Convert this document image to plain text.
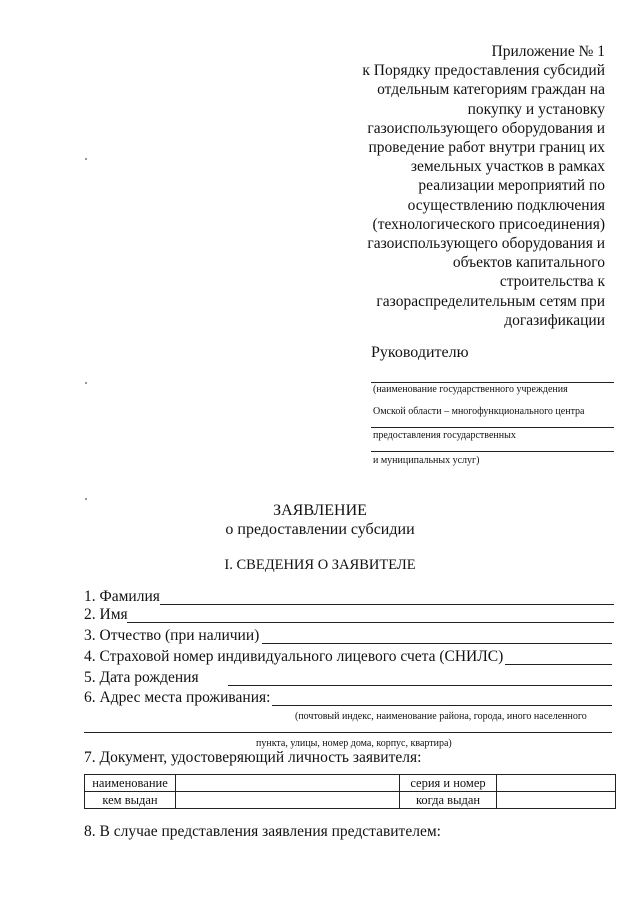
Приложение № 1
к Порядку предоставления субсидий
отдельным категориям граждан на
покупку и установку
газоиспользующего оборудования и
проведение работ внутри границ их
земельных участков в рамках
реализации мероприятий по
осуществлению подключения
(технологического присоединения)
газоиспользующего оборудования и
объектов капитального
строительства к
газораспределительным сетям при
догазификации
Руководителю
(наименование государственного учреждения
Омской области – многофункционального центра
предоставления государственных
и муниципальных услуг)
ЗАЯВЛЕНИЕ
о предоставлении субсидии
I. СВЕДЕНИЯ О ЗАЯВИТЕЛЕ
1. Фамилия
2. Имя
3. Отчество (при наличии)
4. Страховой номер индивидуального лицевого счета (СНИЛС)
5. Дата рождения
6. Адрес места проживания:
(почтовый индекс, наименование района, города, иного населенного
пункта, улицы, номер дома, корпус, квартира)
7. Документ, удостоверяющий личность заявителя:
наименование		серия и номер	
кем выдан		когда выдан	
8. В случае представления заявления представителем:
